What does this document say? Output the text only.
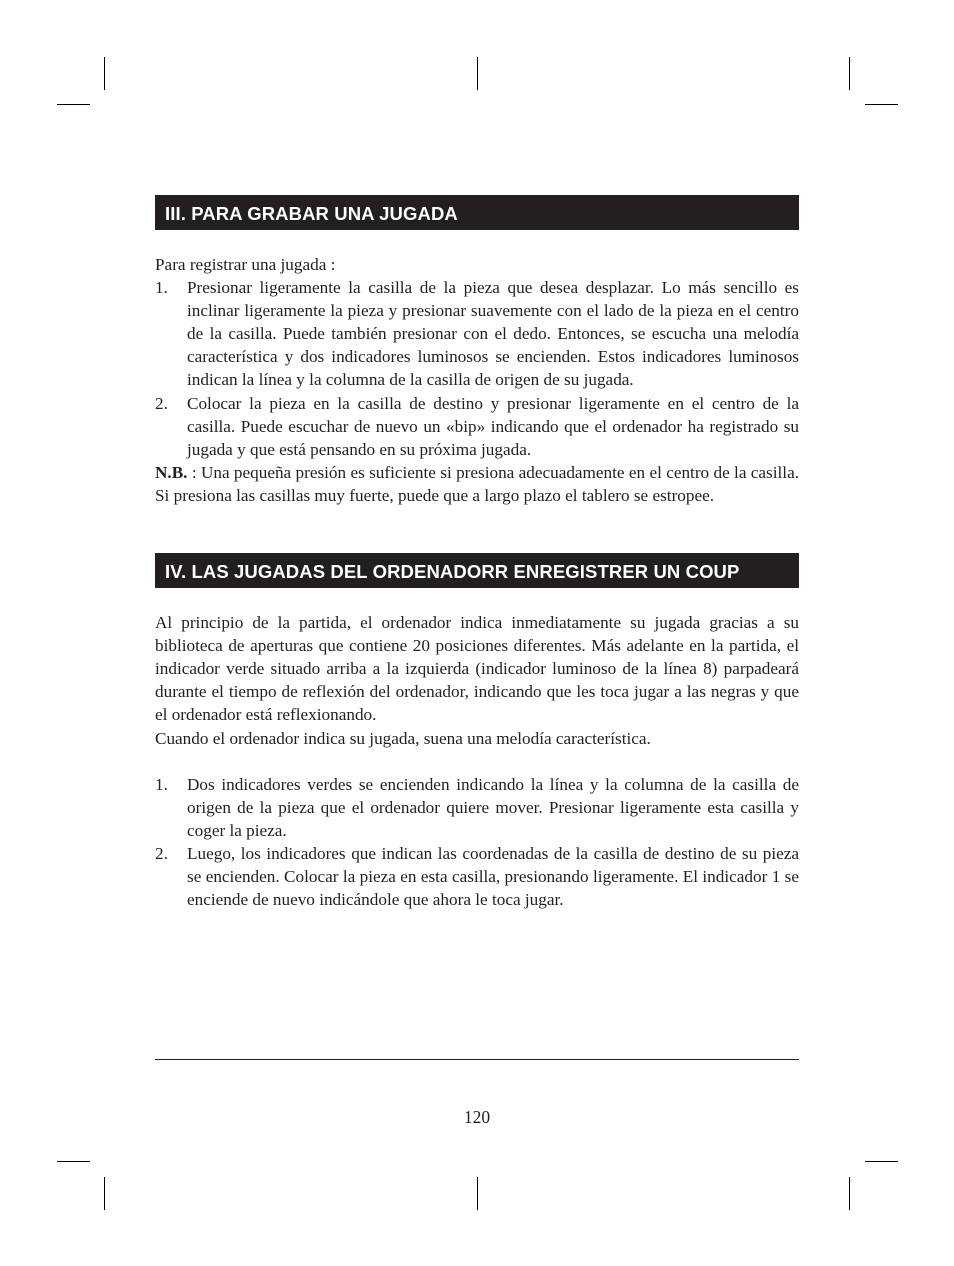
III. PARA GRABAR UNA JUGADA

Para registrar una jugada :

1.	Presionar ligeramente la casilla de la pieza que desea desplazar. Lo más sencillo es inclinar ligeramente la pieza y presionar suavemente con el lado de la pieza en el centro de la casilla. Puede también presionar con el dedo. Entonces, se escucha una melodía característica y dos indicadores luminosos se encienden. Estos indicadores luminosos indican la línea y la columna de la casilla de origen de su jugada.
2.	Colocar la pieza en la casilla de destino y presionar ligeramente en el centro de la casilla. Puede escuchar de nuevo un «bip» indicando que el ordenador ha registrado su jugada y que está pensando en su próxima jugada.

N.B. : Una pequeña presión es suficiente si presiona adecuadamente en el centro de la casilla. Si presiona las casillas muy fuerte, puede que a largo plazo el tablero se estropee.

IV. LAS JUGADAS DEL ORDENADORR ENREGISTRER UN COUP

Al principio de la partida, el ordenador indica inmediatamente su jugada gracias a su biblioteca de aperturas que contiene 20 posiciones diferentes. Más adelante en la partida, el indicador verde situado arriba a la izquierda (indicador luminoso de la línea 8) parpadeará durante el tiempo de reflexión del ordenador, indicando que les toca jugar a las negras y que el ordenador está reflexionando.

Cuando el ordenador indica su jugada, suena una melodía característica.

1.	Dos indicadores verdes se encienden indicando la línea y la columna de la casilla de origen de la pieza que el ordenador quiere mover. Presionar ligeramente esta casilla y coger la pieza.
2.	Luego, los indicadores que indican las coordenadas de la casilla de destino de su pieza se encienden. Colocar la pieza en esta casilla, presionando ligeramente. El indicador 1 se enciende de nuevo indicándole que ahora le toca jugar.
120
